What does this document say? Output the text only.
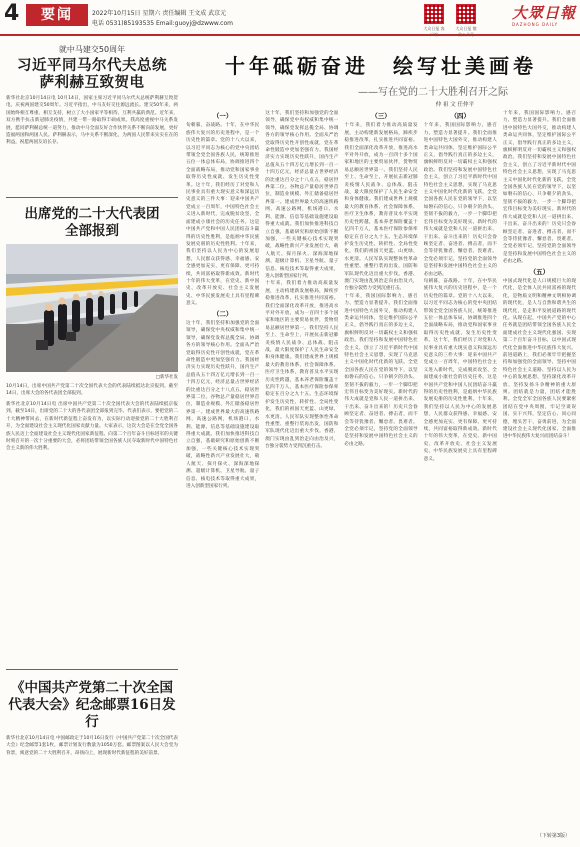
4	要闻	2022年10月15日 星期六 责任编辑 王文成 武京元
电话 0531)85193535 Email:guoyj@dzwww.com
大众日报 客户端
大众日报 微信公众号
大眾日報
DAZHONG DAILY
就中马建交50周年
习近平同马尔代夫总统
萨利赫互致贺电
新华社北京10月14日电 10月14日，国家主席习近平同马尔代夫总统萨利赫互致贺电，庆祝两国建交50周年。习近平指出，中马友好交往源远流长。建交50年来，两国始终相互尊重、相互支持，树立了大小国家平等相待、互利共赢的典范。近年来，双方携手抗击新冠肺炎疫情，共建一带一路取得丰硕成果。我高度重视中马关系发展，愿同萨利赫总统一道努力，推动中马全面友好合作伙伴关系不断向前发展，更好造福两国和两国人民。萨利赫表示，马中关系不断深化，为两国人民带来实实在在的利益。祝愿两国友谊长存。
出席党的二十大代表团
全部报到
□新华社发
10月14日，出席中国共产党第二十次全国代表大会的代表陆续抵达北京报到。截至14日，出席大会的各代表团全部报到。
新华社北京10月14日电 出席中国共产党第二十次全国代表大会的代表陆续抵京报到。截至14日，出席党的二十大的各代表团全部报到完毕。代表们表示，要把党的二十大精神带回去，在新时代新征程上奋发有为，以实际行动迎接党的二十大胜利召开，为全面建设社会主义现代化国家贡献力量。大家表示，这次大会是在全党全国各族人民迈上全面建设社会主义现代化国家新征程、向第二个百年奋斗目标进军的关键时刻召开的一次十分重要的大会，必将团结带领全国各族人民夺取新时代中国特色社会主义新的伟大胜利。
《中国共产党第二十次全国
代表大会》纪念邮票16日发行
新华社北京10月14日电 中国邮政定于10月16日发行《中国共产党第二十次全国代表大会》纪念邮票1套1枚，邮票计划发行数量为1050万套。邮票图案以人民大会堂为背景，寓意党的二十大胜利召开，昂扬向上，展现新时代新征程的美好前景。
十年砥砺奋进　绘写壮美画卷
——写在党的二十大胜利召开之际
仲 祖 文 任仲平
（一）
旬朝暮，奋战路。十年，在中华民族伟大复兴的历史进程中，是一个历史性的篇章。党的十八大以来，以习近平同志为核心的党中央团结带领全党全国各族人民，统筹推进五位一体总体布局，协调推进四个全面战略布局，推动党和国家事业取得历史性成就、发生历史性变革。这十年，我们经历了对党和人民事业具有重大现实意义和深远历史意义的三件大事：迎来中国共产党成立一百周年，中国特色社会主义进入新时代，完成脱贫攻坚、全面建成小康社会的历史任务。这是中国共产党和中国人民团结奋斗赢得的历史性胜利，是彪炳中华民族发展史册的历史性胜利。十年来，我们坚持以人民为中心的发展思想，人民群众获得感、幸福感、安全感更加充实、更有保障、更可持续，共同富裕取得新成效。新时代十年的伟大变革，在党史、新中国史、改革开放史、社会主义发展史、中华民族发展史上具有里程碑意义。
（二）
这十年，我们坚持和加强党的全面领导，确保党中央权威和集中统一领导，确保党发挥总揽全局、协调各方的领导核心作用。全面从严治党取得历史性开创性成就，党在革命性锻造中更加坚强有力。我国经济实力实现历史性跃升，国内生产总值从五十四万亿元增长到一百一十四万亿元，经济总量占世界经济的比重达百分之十八点五，稳居世界第二位。谷物总产量稳居世界首位，制造业规模、外汇储备稳居世界第一。建成世界最大的高速铁路网、高速公路网，机场港口、水利、能源、信息等基础设施建设取得重大成就。我们加快推进科技自立自强，基础研究和原始创新不断加强，一些关键核心技术实现突破，战略性新兴产业发展壮大，载人航天、探月探火、深海深地探测、超级计算机、卫星导航、量子信息、核电技术等取得重大成果，进入创新型国家行列。
这十年，我们坚持和加强党的全面领导，确保党中央权威和集中统一领导，确保党发挥总揽全局、协调各方的领导核心作用。全面从严治党取得历史性开创性成就，党在革命性锻造中更加坚强有力。我国经济实力实现历史性跃升，国内生产总值从五十四万亿元增长到一百一十四万亿元，经济总量占世界经济的比重达百分之十八点五，稳居世界第二位。谷物总产量稳居世界首位，制造业规模、外汇储备稳居世界第一。建成世界最大的高速铁路网、高速公路网，机场港口、水利、能源、信息等基础设施建设取得重大成就。我们加快推进科技自立自强，基础研究和原始创新不断加强，一些关键核心技术实现突破，战略性新兴产业发展壮大，载人航天、探月探火、深海深地探测、超级计算机、卫星导航、量子信息、核电技术等取得重大成果，进入创新型国家行列。
十年来，我们着力推动高质量发展，主动构建新发展格局，蹄疾步稳推进改革，扎实推进共同富裕。我们全面深化改革开放，推进高水平对外开放，成为一百四十多个国家和地区的主要贸易伙伴，货物贸易总额居世界第一。我们坚持人民至上、生命至上，开展抗击新冠肺炎疫情人民战争、总体战、阻击战，最大限度保护了人民生命安全和身体健康。我们建成世界上规模最大的教育体系、社会保障体系、医疗卫生体系，教育普及水平实现历史性跨越，基本养老保险覆盖十亿四千万人，基本医疗保险参保率稳定在百分之九十五。生态环境保护发生历史性、转折性、全局性变化，我们的祖国天更蓝、山更绿、水更清。人民军队实现整体性革命性重塑、重整行装再出发，国防和军队现代化迈出重大步伐。香港、澳门实现由乱到治走向由治及兴，台独分裂势力受到沉重打击。
（三）
十年来，我们着力推动高质量发展，主动构建新发展格局，蹄疾步稳推进改革，扎实推进共同富裕。我们全面深化改革开放，推进高水平对外开放，成为一百四十多个国家和地区的主要贸易伙伴，货物贸易总额居世界第一。我们坚持人民至上、生命至上，开展抗击新冠肺炎疫情人民战争、总体战、阻击战，最大限度保护了人民生命安全和身体健康。我们建成世界上规模最大的教育体系、社会保障体系、医疗卫生体系，教育普及水平实现历史性跨越，基本养老保险覆盖十亿四千万人，基本医疗保险参保率稳定在百分之九十五。生态环境保护发生历史性、转折性、全局性变化，我们的祖国天更蓝、山更绿、水更清。人民军队实现整体性革命性重塑、重整行装再出发，国防和军队现代化迈出重大步伐。香港、澳门实现由乱到治走向由治及兴，台独分裂势力受到沉重打击。
十年来，我国国际影响力、感召力、塑造力显著提升。我们全面推进中国特色大国外交，推动构建人类命运共同体，坚定维护国际公平正义，倡导践行真正的多边主义，旗帜鲜明反对一切霸权主义和强权政治。我们坚持和发展中国特色社会主义，创立了习近平新时代中国特色社会主义思想，实现了马克思主义中国化时代化新的飞跃。全党全国各族人民在党的领导下，以坚如磐石的信心、只争朝夕的劲头、坚韧不拔的毅力，一步一个脚印把宏伟目标变为美好现实。新时代的伟大成就是党和人民一道拼出来、干出来、奋斗出来的！历史只会眷顾坚定者、奋进者、搏击者，而不会等待犹豫者、懈怠者、畏难者。全党必须牢记，坚持党的全面领导是坚持和发展中国特色社会主义的必由之路。
（四）
十年来，我国国际影响力、感召力、塑造力显著提升。我们全面推进中国特色大国外交，推动构建人类命运共同体，坚定维护国际公平正义，倡导践行真正的多边主义，旗帜鲜明反对一切霸权主义和强权政治。我们坚持和发展中国特色社会主义，创立了习近平新时代中国特色社会主义思想，实现了马克思主义中国化时代化新的飞跃。全党全国各族人民在党的领导下，以坚如磐石的信心、只争朝夕的劲头、坚韧不拔的毅力，一步一个脚印把宏伟目标变为美好现实。新时代的伟大成就是党和人民一道拼出来、干出来、奋斗出来的！历史只会眷顾坚定者、奋进者、搏击者，而不会等待犹豫者、懈怠者、畏难者。全党必须牢记，坚持党的全面领导是坚持和发展中国特色社会主义的必由之路。
旬朝暮，奋战路。十年，在中华民族伟大复兴的历史进程中，是一个历史性的篇章。党的十八大以来，以习近平同志为核心的党中央团结带领全党全国各族人民，统筹推进五位一体总体布局，协调推进四个全面战略布局，推动党和国家事业取得历史性成就、发生历史性变革。这十年，我们经历了对党和人民事业具有重大现实意义和深远历史意义的三件大事：迎来中国共产党成立一百周年，中国特色社会主义进入新时代，完成脱贫攻坚、全面建成小康社会的历史任务。这是中国共产党和中国人民团结奋斗赢得的历史性胜利，是彪炳中华民族发展史册的历史性胜利。十年来，我们坚持以人民为中心的发展思想，人民群众获得感、幸福感、安全感更加充实、更有保障、更可持续，共同富裕取得新成效。新时代十年的伟大变革，在党史、新中国史、改革开放史、社会主义发展史、中华民族发展史上具有里程碑意义。
十年来，我国国际影响力、感召力、塑造力显著提升。我们全面推进中国特色大国外交，推动构建人类命运共同体，坚定维护国际公平正义，倡导践行真正的多边主义，旗帜鲜明反对一切霸权主义和强权政治。我们坚持和发展中国特色社会主义，创立了习近平新时代中国特色社会主义思想，实现了马克思主义中国化时代化新的飞跃。全党全国各族人民在党的领导下，以坚如磐石的信心、只争朝夕的劲头、坚韧不拔的毅力，一步一个脚印把宏伟目标变为美好现实。新时代的伟大成就是党和人民一道拼出来、干出来、奋斗出来的！历史只会眷顾坚定者、奋进者、搏击者，而不会等待犹豫者、懈怠者、畏难者。全党必须牢记，坚持党的全面领导是坚持和发展中国特色社会主义的必由之路。
（五）
中国式现代化是人口规模巨大的现代化，是全体人民共同富裕的现代化，是物质文明和精神文明相协调的现代化，是人与自然和谐共生的现代化，是走和平发展道路的现代化。从现在起，中国共产党的中心任务就是团结带领全国各族人民全面建成社会主义现代化强国、实现第二个百年奋斗目标，以中国式现代化全面推进中华民族伟大复兴。前进道路上，我们必须牢牢把握坚持和加强党的全面领导、坚持中国特色社会主义道路、坚持以人民为中心的发展思想、坚持深化改革开放、坚持发扬斗争精神的重大原则。团结就是力量，团结才能胜利。全党全军全国各族人民要紧密团结在党中央周围，牢记空谈误国、实干兴邦，坚定信心、同心同德，埋头苦干、奋勇前进，为全面建设社会主义现代化国家、全面推进中华民族伟大复兴而团结奋斗！
（下转第3版）
